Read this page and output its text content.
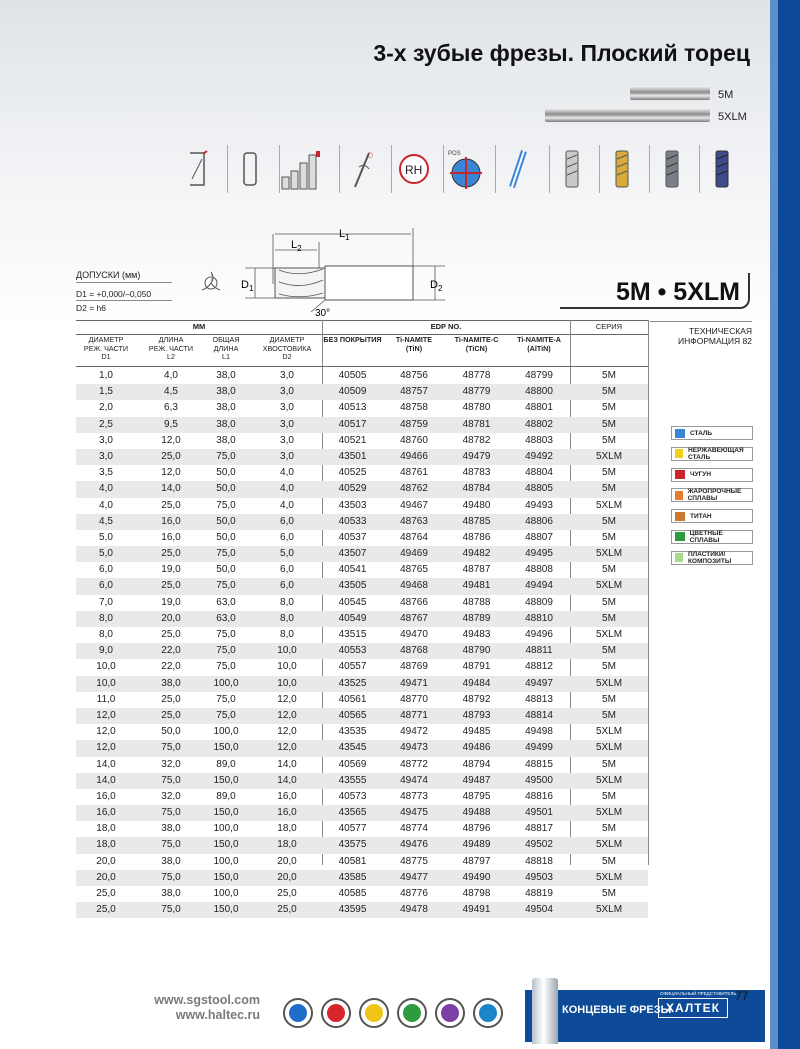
3-х зубые фрезы. Плоский торец
5M
5XLM
○
RH
POS
$L_1$
$L_2$
$D_1$	$D_2$
30°
ДОПУСКИ (мм)
D1 = +0,000/–0,050
D2 = h6
5M • 5XLM
ТЕХНИЧЕСКАЯ
ИНФОРМАЦИЯ 82
СТАЛЬ
НЕРЖАВЕЮЩАЯ СТАЛЬ
ЧУГУН
ЖАРОПРОЧНЫЕ СПЛАВЫ
ТИТАН
ЦВЕТНЫЕ СПЛАВЫ
ПЛАСТИКИ/КОМПОЗИТЫ
ММ	EDP NO.	СЕРИЯ
ДИАМЕТР
РЕЖ. ЧАСТИ
D1
ДЛИНА
РЕЖ. ЧАСТИ
L2
ОБЩАЯ
ДЛИНА
L1
ДИАМЕТР
ХВОСТОВИКА
D2
БЕЗ ПОКРЫТИЯ	Ti-NAMITE
(TiN)
Ti-NAMITE-C
(TiCN)
Ti-NAMITE-A
(AlTiN)
1,0	4,0	38,0	3,0	40505	48756	48778	48799	5M
1,5	4,5	38,0	3,0	40509	48757	48779	48800	5M
2,0	6,3	38,0	3,0	40513	48758	48780	48801	5M
2,5	9,5	38,0	3,0	40517	48759	48781	48802	5M
3,0	12,0	38,0	3,0	40521	48760	48782	48803	5M
3,0	25,0	75,0	3,0	43501	49466	49479	49492	5XLM
3,5	12,0	50,0	4,0	40525	48761	48783	48804	5M
4,0	14,0	50,0	4,0	40529	48762	48784	48805	5M
4,0	25,0	75,0	4,0	43503	49467	49480	49493	5XLM
4,5	16,0	50,0	6,0	40533	48763	48785	48806	5M
5,0	16,0	50,0	6,0	40537	48764	48786	48807	5M
5,0	25,0	75,0	5,0	43507	49469	49482	49495	5XLM
6,0	19,0	50,0	6,0	40541	48765	48787	48808	5M
6,0	25,0	75,0	6,0	43505	49468	49481	49494	5XLM
7,0	19,0	63,0	8,0	40545	48766	48788	48809	5M
8,0	20,0	63,0	8,0	40549	48767	48789	48810	5M
8,0	25,0	75,0	8,0	43515	49470	49483	49496	5XLM
9,0	22,0	75,0	10,0	40553	48768	48790	48811	5M
10,0	22,0	75,0	10,0	40557	48769	48791	48812	5M
10,0	38,0	100,0	10,0	43525	49471	49484	49497	5XLM
11,0	25,0	75,0	12,0	40561	48770	48792	48813	5M
12,0	25,0	75,0	12,0	40565	48771	48793	48814	5M
12,0	50,0	100,0	12,0	43535	49472	49485	49498	5XLM
12,0	75,0	150,0	12,0	43545	49473	49486	49499	5XLM
14,0	32,0	89,0	14,0	40569	48772	48794	48815	5M
14,0	75,0	150,0	14,0	43555	49474	49487	49500	5XLM
16,0	32,0	89,0	16,0	40573	48773	48795	48816	5M
16,0	75,0	150,0	16,0	43565	49475	49488	49501	5XLM
18,0	38,0	100,0	18,0	40577	48774	48796	48817	5M
18,0	75,0	150,0	18,0	43575	49476	49489	49502	5XLM
20,0	38,0	100,0	20,0	40581	48775	48797	48818	5M
20,0	75,0	150,0	20,0	43585	49477	49490	49503	5XLM
25,0	38,0	100,0	25,0	40585	48776	48798	48819	5M
25,0	75,0	150,0	25,0	43595	49478	49491	49504	5XLM
www.sgstool.com
www.haltec.ru	КОНЦЕВЫЕ ФРЕЗЫ
ОФИЦИАЛЬНЫЙ ПРЕДСТАВИТЕЛЬ
ХАЛТЕК
77
